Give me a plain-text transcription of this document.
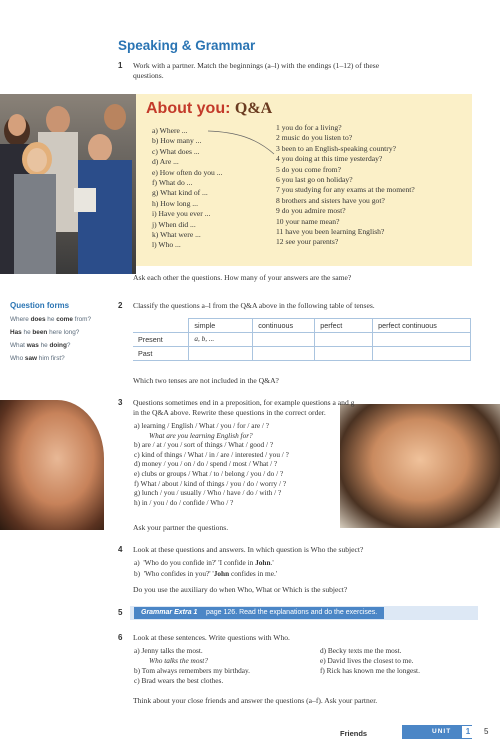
Speaking & Grammar
1 Work with a partner. Match the beginnings (a–l) with the endings (1–12) of these
questions.
About you: Q&A
a) Where ...
b) How many ...
c) What does ...
d) Are ...
e) How often do you ...
f) What do ...
g) What kind of ...
h) How long ...
i) Have you ever ...
j) When did ...
k) What were ...
l) Who ...
1 you do for a living?
2 music do you listen to?
3 been to an English-speaking country?
4 you doing at this time yesterday?
5 do you come from?
6 you last go on holiday?
7 you studying for any exams at the moment?
8 brothers and sisters have you got?
9 do you admire most?
10 your name mean?
11 have you been learning English?
12 see your parents?
Ask each other the questions. How many of your answers are the same?
Question forms
Where does he come from?
Has he been here long?
What was he doing?
Who saw him first?
2 Classify the questions a–l from the Q&A above in the following table of tenses.
	simple	continuous	perfect	perfect continuous
Present	a, b, ...			
Past				
Which two tenses are not included in the Q&A?
3 Questions sometimes end in a preposition, for example questions a and g
in the Q&A above. Rewrite these questions in the correct order.
a) learning / English / What / you / for / are / ?
What are you learning English for?
b) are / at / you / sort of things / What / good / ?
c) kind of things / What / in / are / interested / you / ?
d) money / you / on / do / spend / most / What / ?
e) clubs or groups / What / to / belong / you / do / ?
f) What / about / kind of things / you / do / worry / ?
g) lunch / you / usually / Who / have / do / with / ?
h) in / you / do / confide / Who / ?
Ask your partner the questions.
4 Look at these questions and answers. In which question is Who the subject?
a)  'Who do you confide in?' 'I confide in John.'
b)  'Who confides in you?' 'John confides in me.'
Do you use the auxiliary do when Who, What or Which is the subject?
5	Grammar Extra 1 page 126. Read the explanations and do the exercises.
6 Look at these sentences. Write questions with Who.
a) Jenny talks the most.
Who talks the most?
b) Tom always remembers my birthday.
c) Brad wears the best clothes.
d) Becky texts me the most.
e) David lives the closest to me.
f) Rick has known me the longest.
Think about your close friends and answer the questions (a–f). Ask your partner.
Friends	UNIT	1	5
